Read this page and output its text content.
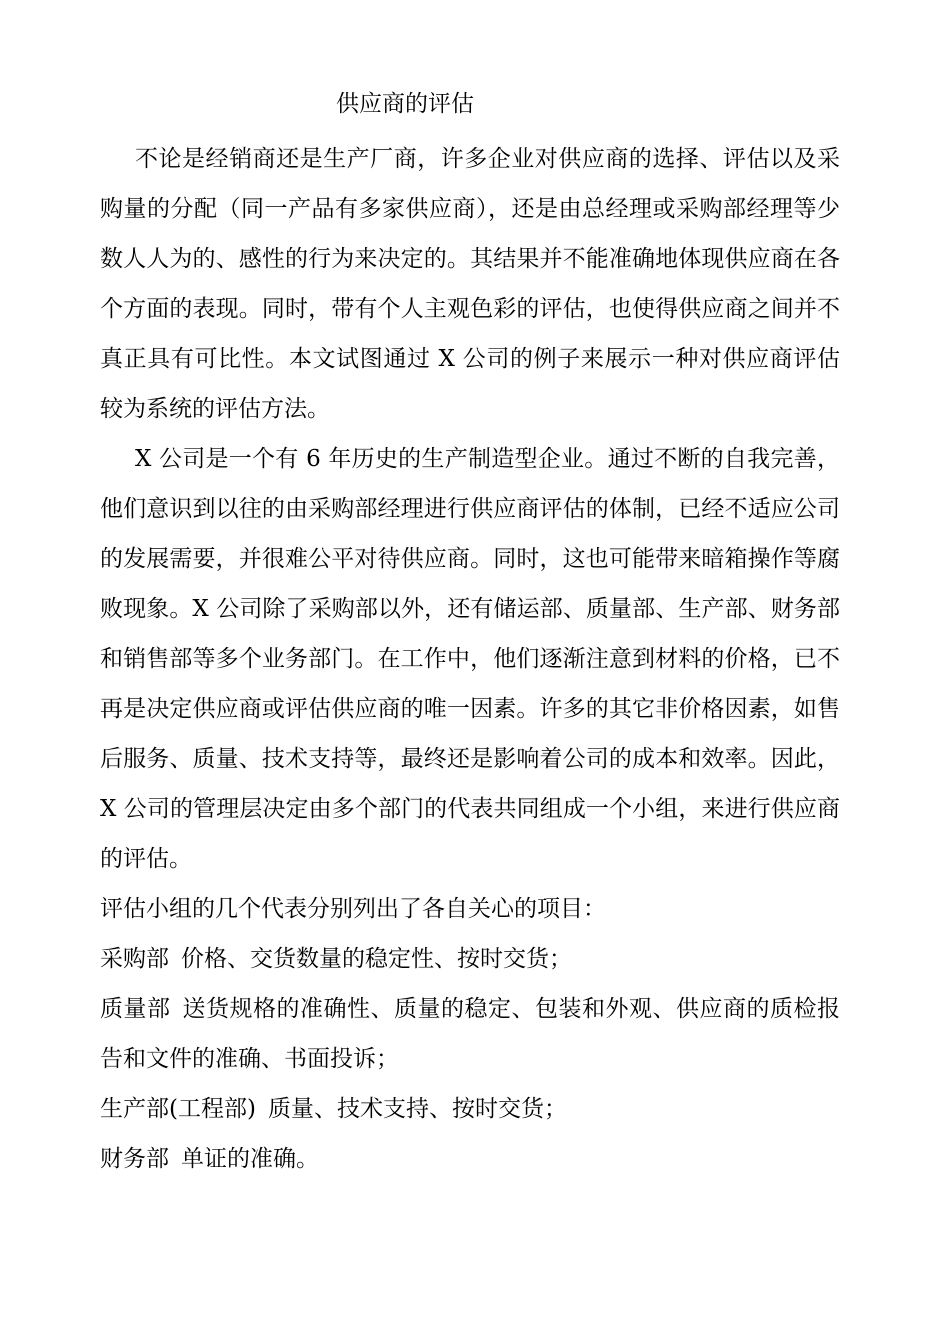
供应商的评估

不论是经销商还是生产厂商，许多企业对供应商的选择、评估以及采购量的分配（同一产品有多家供应商），还是由总经理或采购部经理等少数人人为的、感性的行为来决定的。其结果并不能准确地体现供应商在各个方面的表现。同时，带有个人主观色彩的评估，也使得供应商之间并不真正具有可比性。本文试图通过 X 公司的例子来展示一种对供应商评估较为系统的评估方法。

X 公司是一个有 6 年历史的生产制造型企业。通过不断的自我完善，他们意识到以往的由采购部经理进行供应商评估的体制，已经不适应公司的发展需要，并很难公平对待供应商。同时，这也可能带来暗箱操作等腐败现象。X 公司除了采购部以外，还有储运部、质量部、生产部、财务部和销售部等多个业务部门。在工作中，他们逐渐注意到材料的价格，已不再是决定供应商或评估供应商的唯一因素。许多的其它非价格因素，如售后服务、质量、技术支持等，最终还是影响着公司的成本和效率。因此，X 公司的管理层决定由多个部门的代表共同组成一个小组，来进行供应商的评估。

评估小组的几个代表分别列出了各自关心的项目：

采购部 价格、交货数量的稳定性、按时交货；

质量部 送货规格的准确性、质量的稳定、包装和外观、供应商的质检报告和文件的准确、书面投诉；

生产部(工程部) 质量、技术支持、按时交货；

财务部 单证的准确。
